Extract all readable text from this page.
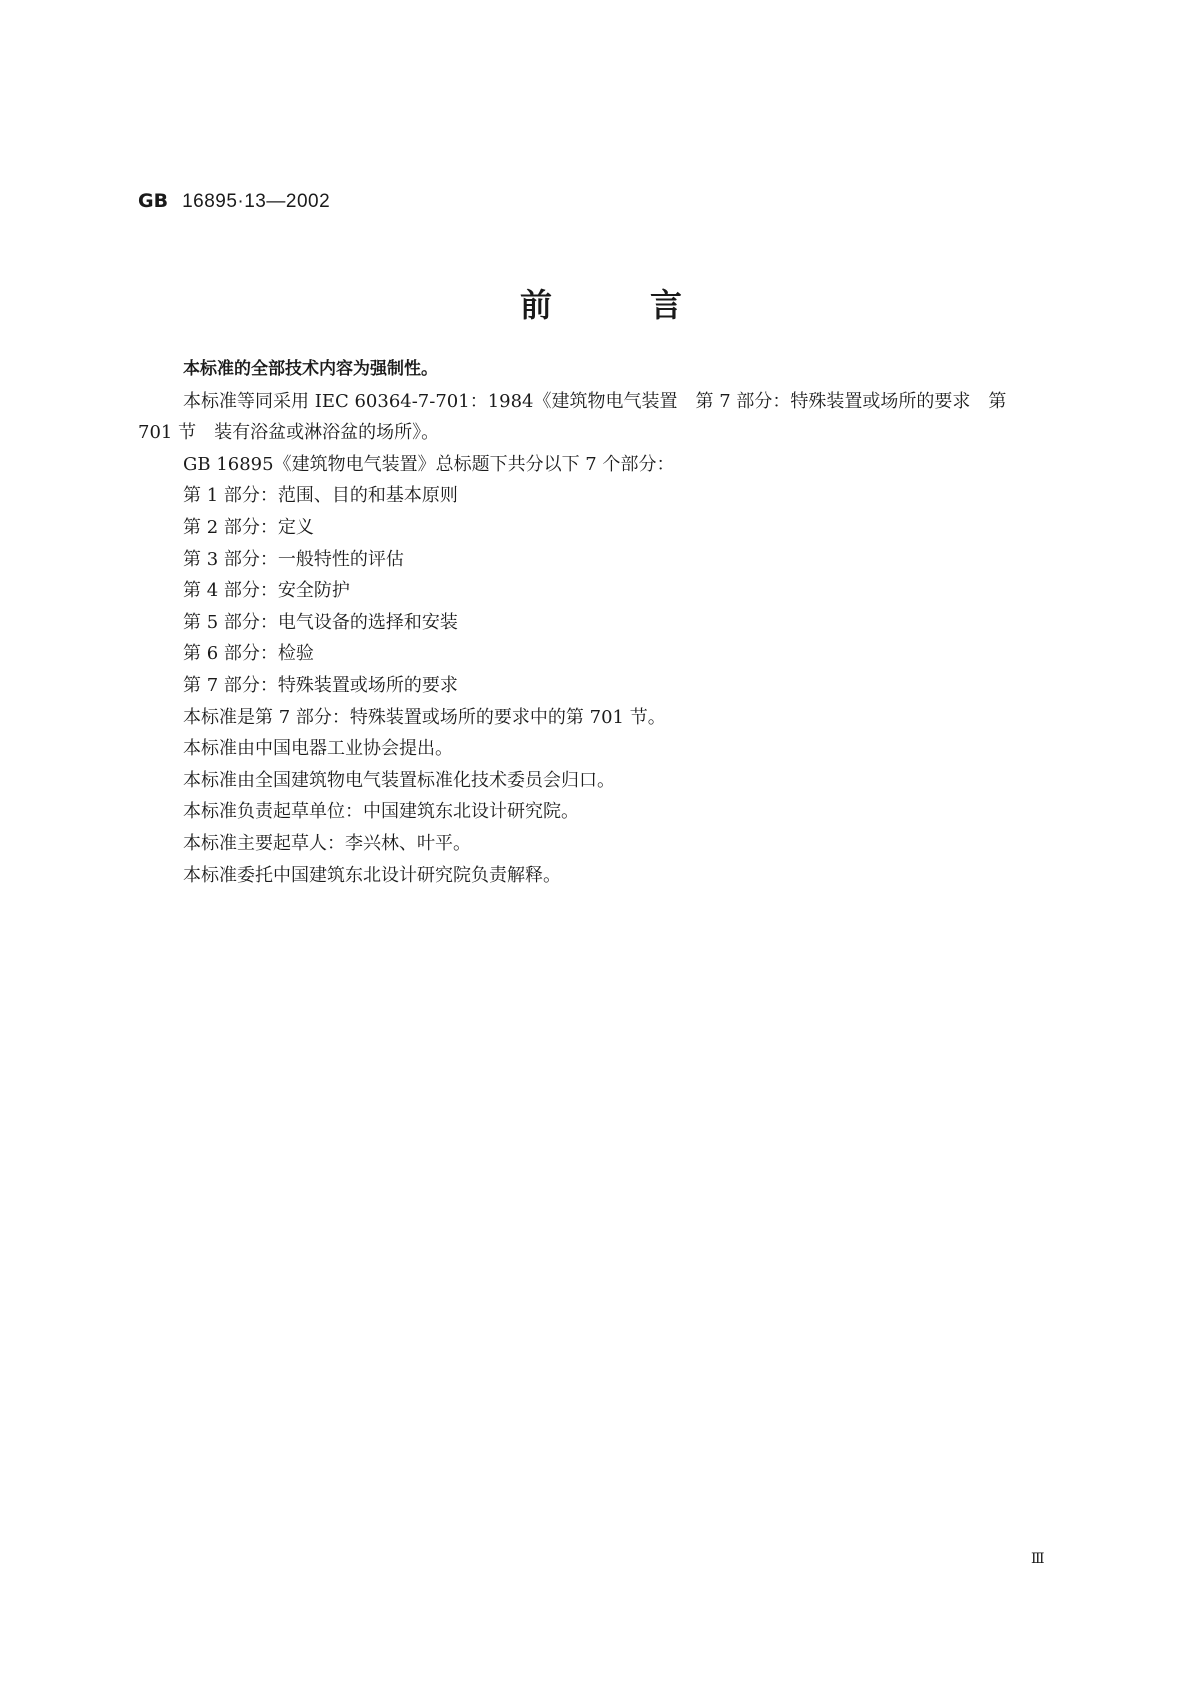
GB 16895·13—2002
前	言
本标准的全部技术内容为强制性。
本标准等同采用 IEC 60364-7-701：1984《建筑物电气装置　第 7 部分：特殊装置或场所的要求　第
701 节　装有浴盆或淋浴盆的场所》。
GB 16895《建筑物电气装置》总标题下共分以下 7 个部分：
第 1 部分：范围、目的和基本原则
第 2 部分：定义
第 3 部分：一般特性的评估
第 4 部分：安全防护
第 5 部分：电气设备的选择和安装
第 6 部分：检验
第 7 部分：特殊装置或场所的要求
本标准是第 7 部分：特殊装置或场所的要求中的第 701 节。
本标准由中国电器工业协会提出。
本标准由全国建筑物电气装置标准化技术委员会归口。
本标准负责起草单位：中国建筑东北设计研究院。
本标准主要起草人：李兴林、叶平。
本标准委托中国建筑东北设计研究院负责解释。
Ⅲ
